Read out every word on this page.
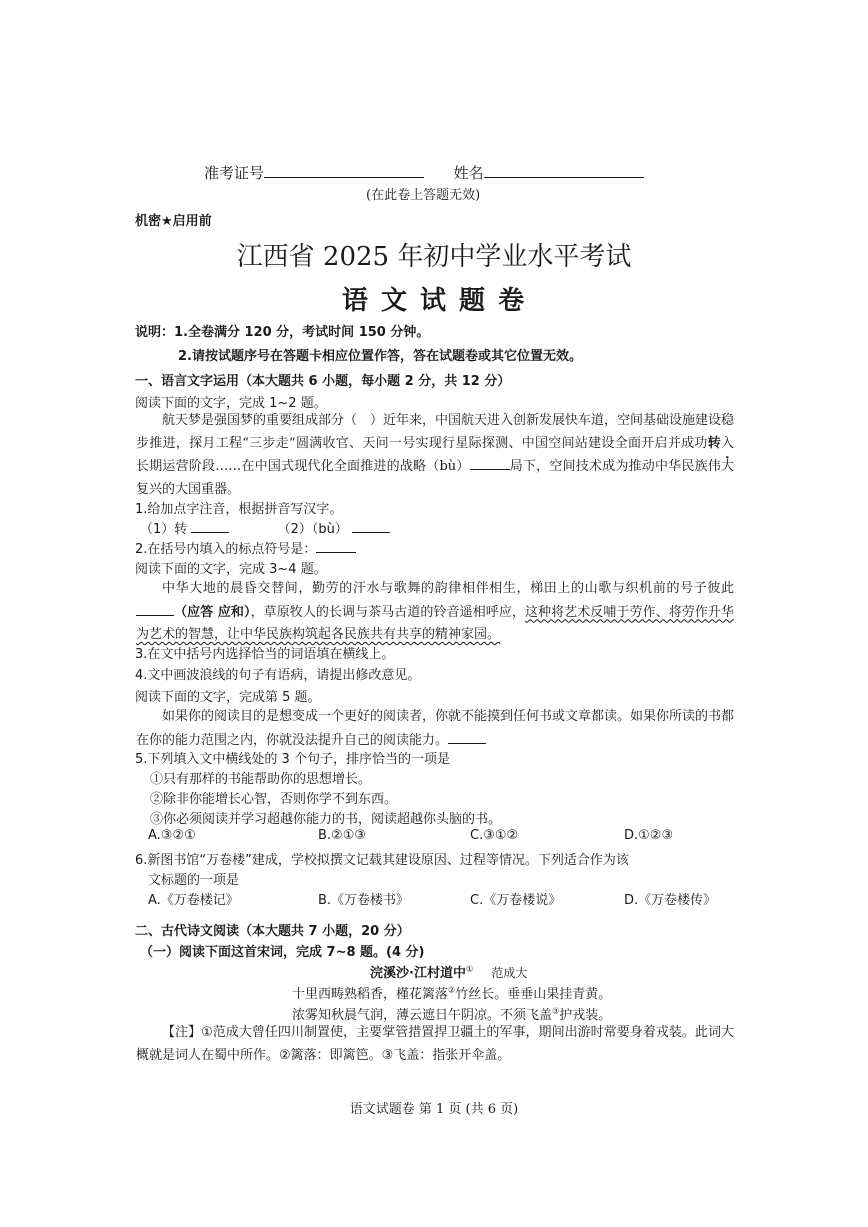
准考证号	姓名
(在此卷上答题无效)
机密★启用前
江西省 2025 年初中学业水平考试
语 文 试 题 卷
说明：1.全卷满分 120 分，考试时间 150 分钟。
2.请按试题序号在答题卡相应位置作答，答在试题卷或其它位置无效。
一、语言文字运用（本大题共 6 小题，每小题 2 分，共 12 分）
阅读下面的文字，完成 1~2 题。
航天梦是强国梦的重要组成部分（　）近年来，中国航天进入创新发展快车道，空间基础设施建设稳步推进，探月工程“三步走”圆满收官、天问一号实现行星际探测、中国空间站建设全面开启并成功转入长期运营阶段……在中国式现代化全面推进的战略（bù）	局下，空间技术成为推动中华民族伟大复兴的大国重器。
1.给加点字注音，根据拼音写汉字。
（1）转	（2）（bù）
2.在括号内填入的标点符号是：
阅读下面的文字，完成 3~4 题。
中华大地的晨昏交替间，勤劳的汗水与歌舞的韵律相伴相生，梯田上的山歌与织机前的号子彼此（应答 应和），草原牧人的长调与茶马古道的铃音遥相呼应，这种将艺术反哺于劳作、将劳作升华为艺术的智慧，让中华民族构筑起各民族共有共享的精神家园。
3.在文中括号内选择恰当的词语填在横线上。
4.文中画波浪线的句子有语病，请提出修改意见。
阅读下面的文字，完成第 5 题。
如果你的阅读目的是想变成一个更好的阅读者，你就不能摸到任何书或文章都读。如果你所读的书都在你的能力范围之内，你就没法提升自己的阅读能力。
5.下列填入文中横线处的 3 个句子，排序恰当的一项是
①只有那样的书能帮助你的思想增长。
②除非你能增长心智，否则你学不到东西。
③你必须阅读并学习超越你能力的书，阅读超越你头脑的书。
A.③②①	B.②①③	C.③①②	D.①②③
6.新图书馆“万卷楼”建成，学校拟撰文记载其建设原因、过程等情况。下列适合作为该
文标题的一项是
A.《万卷楼记》	B.《万卷楼书》	C.《万卷楼说》	D.《万卷楼传》
二、古代诗文阅读（本大题共 7 小题，20 分）
（一）阅读下面这首宋词，完成 7~8 题。(4 分)
浣溪沙·江村道中① 范成大
十里西畴熟稻香，槿花篱落②竹丝长。垂垂山果挂青黄。
浓雾知秋晨气润，薄云遮日午阴凉。不须飞盖③护戎装。
【注】①范成大曾任四川制置使，主要掌管措置捍卫疆土的军事，期间出游时常要身着戎装。此词大概就是词人在蜀中所作。②篱落：即篱笆。③飞盖：指张开伞盖。
语文试题卷 第 1 页 (共 6 页)
